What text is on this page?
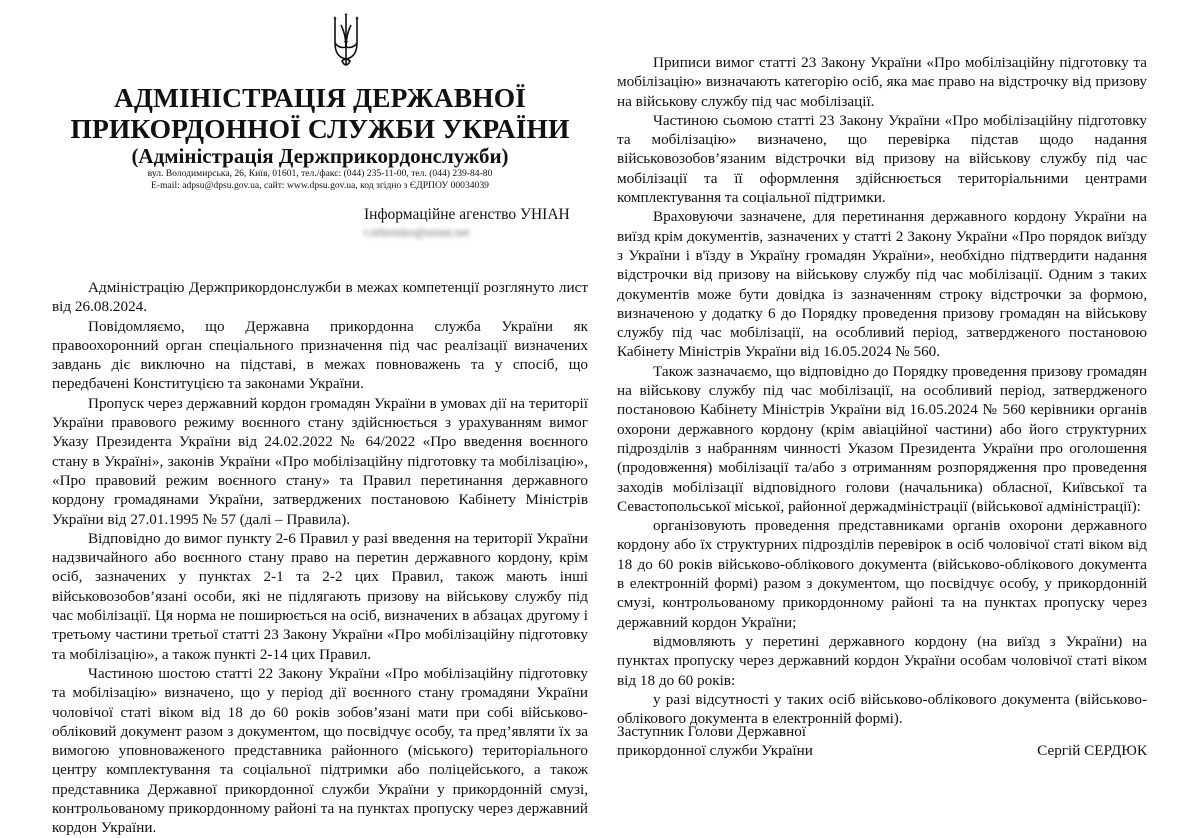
АДМІНІСТРАЦІЯ ДЕРЖАВНОЇ
ПРИКОРДОННОЇ СЛУЖБИ УКРАЇНИ
(Адміністрація Держприкордонслужби)
вул. Володимирська, 26, Київ, 01601, тел./факс: (044) 235-11-00, тел. (044) 239-84-80
E-mail: adpsu@dpsu.gov.ua, сайт: www.dpsu.gov.ua, код згідно з ЄДРПОУ 00034039
Інформаційне агенство УНІАН
t.nrbesnko@unian.net

Адміністрацію Держприкордонслужби в межах компетенції розглянуто лист від 26.08.2024.

Повідомляємо, що Державна прикордонна служба України як правоохоронний орган спеціального призначення під час реалізації визначених завдань діє виключно на підставі, в межах повноважень та у спосіб, що передбачені Конституцією та законами України.

Пропуск через державний кордон громадян України в умовах дії на території України правового режиму воєнного стану здійснюється з урахуванням вимог Указу Президента України від 24.02.2022 № 64/2022 «Про введення воєнного стану в Україні», законів України «Про мобілізаційну підготовку та мобілізацію», «Про правовий режим воєнного стану» та Правил перетинання державного кордону громадянами України, затверджених постановою Кабінету Міністрів України від 27.01.1995 № 57 (далі – Правила).

Відповідно до вимог пункту 2-6 Правил у разі введення на території України надзвичайного або воєнного стану право на перетин державного кордону, крім осіб, зазначених у пунктах 2-1 та 2-2 цих Правил, також мають інші військовозобов’язані особи, які не підлягають призову на військову службу під час мобілізації. Ця норма не поширюється на осіб, визначених в абзацах другому і третьому частини третьої статті 23 Закону України «Про мобілізаційну підготовку та мобілізацію», а також пункті 2-14 цих Правил.

Частиною шостою статті 22 Закону України «Про мобілізаційну підготовку та мобілізацію» визначено, що у період дії воєнного стану громадяни України чоловічої статі віком від 18 до 60 років зобов’язані мати при собі військово-обліковий документ разом з документом, що посвідчує особу, та пред’являти їх за вимогою уповноваженого представника районного (міського) територіального центру комплектування та соціальної підтримки або поліцейського, а також представника Державної прикордонної служби України у прикордонній смузі, контрольованому прикордонному районі та на пунктах пропуску через державний кордон України.

Приписи вимог статті 23 Закону України «Про мобілізаційну підготовку та мобілізацію» визначають категорію осіб, яка має право на відстрочку від призову на військову службу під час мобілізації.

Частиною сьомою статті 23 Закону України «Про мобілізаційну підготовку та мобілізацію» визначено, що перевірка підстав щодо надання військовозобов’язаним відстрочки від призову на військову службу під час мобілізації та її оформлення здійснюється територіальними центрами комплектування та соціальної підтримки.

Враховуючи зазначене, для перетинання державного кордону України на виїзд крім документів, зазначених у статті 2 Закону України «Про порядок виїзду з України і в'їзду в Україну громадян України», необхідно підтвердити надання відстрочки від призову на військову службу під час мобілізації. Одним з таких документів може бути довідка із зазначенням строку відстрочки за формою, визначеною у додатку 6 до Порядку проведення призову громадян на військову службу під час мобілізації, на особливий період, затвердженого постановою Кабінету Міністрів України від 16.05.2024 № 560.

Також зазначаємо, що відповідно до Порядку проведення призову громадян на військову службу під час мобілізації, на особливий період, затвердженого постановою Кабінету Міністрів України від 16.05.2024 № 560 керівники органів охорони державного кордону (крім авіаційної частини) або його структурних підрозділів з набранням чинності Указом Президента України про оголошення (продовження) мобілізації та/або з отриманням розпорядження про проведення заходів мобілізації відповідного голови (начальника) обласної, Київської та Севастопольської міської, районної держадміністрації (військової адміністрації):

організовують проведення представниками органів охорони державного кордону або їх структурних підрозділів перевірок в осіб чоловічої статі віком від 18 до 60 років військово-облікового документа (військово-облікового документа в електронній формі) разом з документом, що посвідчує особу, у прикордонній смузі, контрольованому прикордонному районі та на пунктах пропуску через державний кордон України;

відмовляють у перетині державного кордону (на виїзд з України) на пунктах пропуску через державний кордон України особам чоловічої статі віком від 18 до 60 років:

у разі відсутності у таких осіб військово-облікового документа (військово-облікового документа в електронній формі).

Заступник Голови Державної
прикордонної служби України	Сергій СЕРДЮК
